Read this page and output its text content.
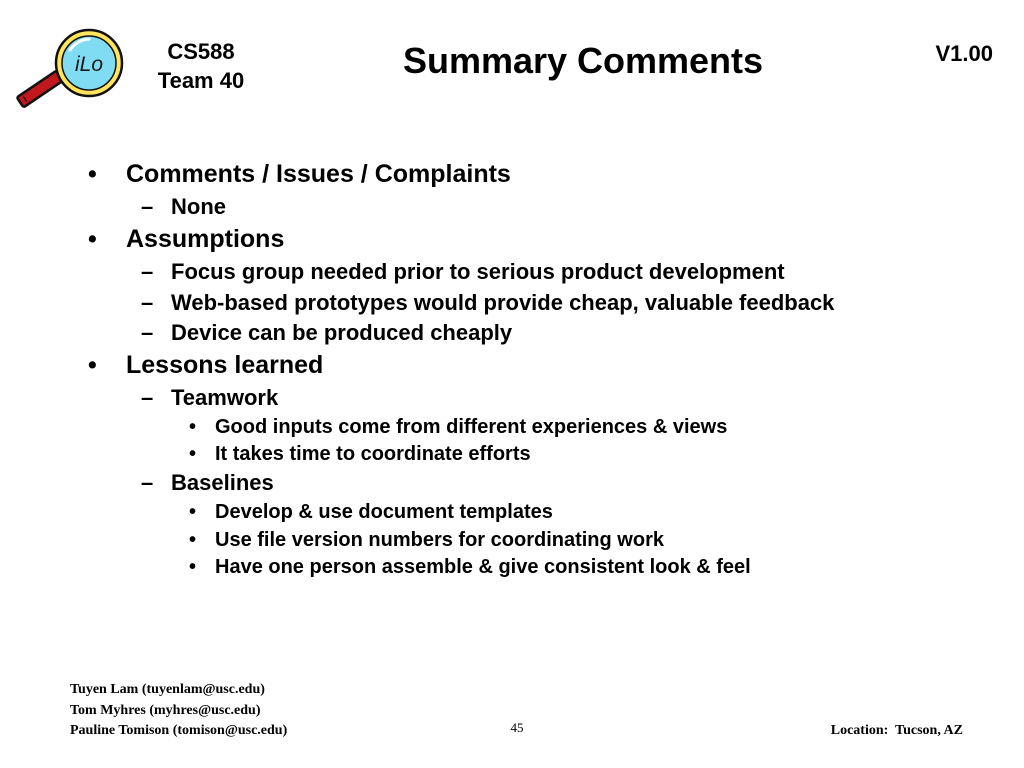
iLo
CS588
Team 40	Summary Comments	V1.00
• Comments / Issues / Complaints
– None
• Assumptions
– Focus group needed prior to serious product development
– Web-based prototypes would provide cheap, valuable feedback
– Device can be produced cheaply
• Lessons learned
– Teamwork
• Good inputs come from different experiences & views
• It takes time to coordinate efforts
– Baselines
• Develop & use document templates
• Use file version numbers for coordinating work
• Have one person assemble & give consistent look & feel
Tuyen Lam (tuyenlam@usc.edu)
Tom Myhres (myhres@usc.edu)
Pauline Tomison (tomison@usc.edu)	45	Location:  Tucson, AZ
